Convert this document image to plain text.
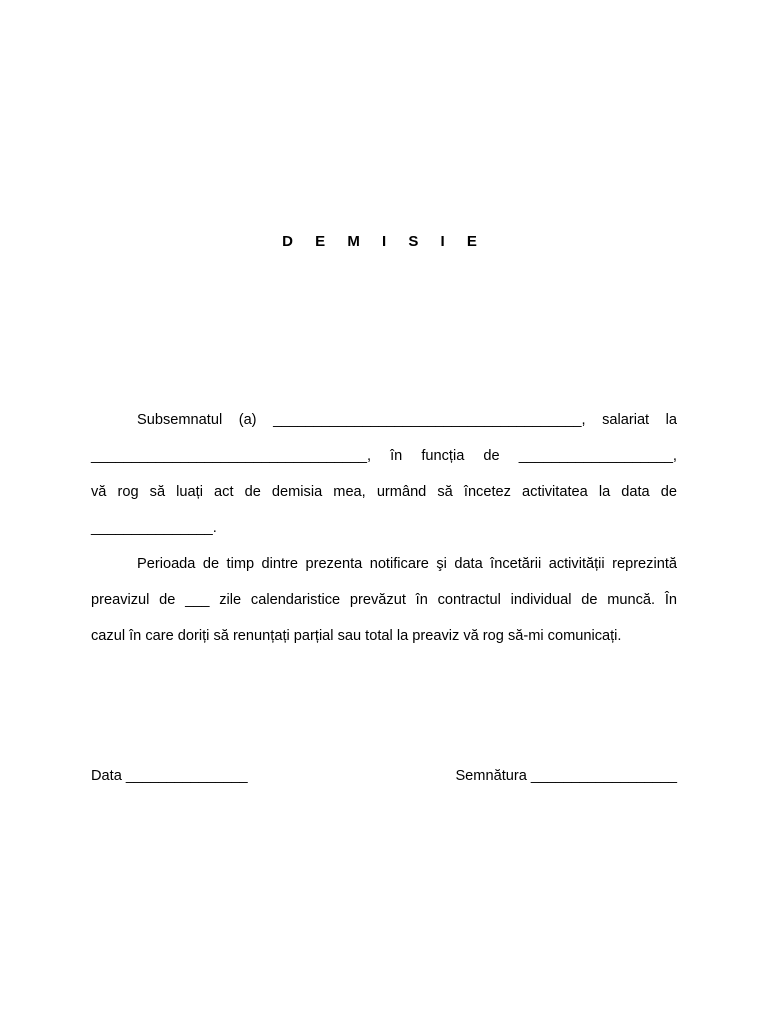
D E M I S I E
Subsemnatul (a) ______________________________________, salariat la
__________________________________, în funcția de ___________________,
vă rog să luați act de demisia mea, urmând să încetez activitatea la data de
_______________.
Perioada de timp dintre prezenta notificare şi data încetării activității reprezintă
preavizul de ___ zile calendaristice prevăzut în contractul individual de muncă. În
cazul în care doriți să renunțați parțial sau total la preaviz vă rog să-mi comunicați.
Data _______________	Semnătura __________________
